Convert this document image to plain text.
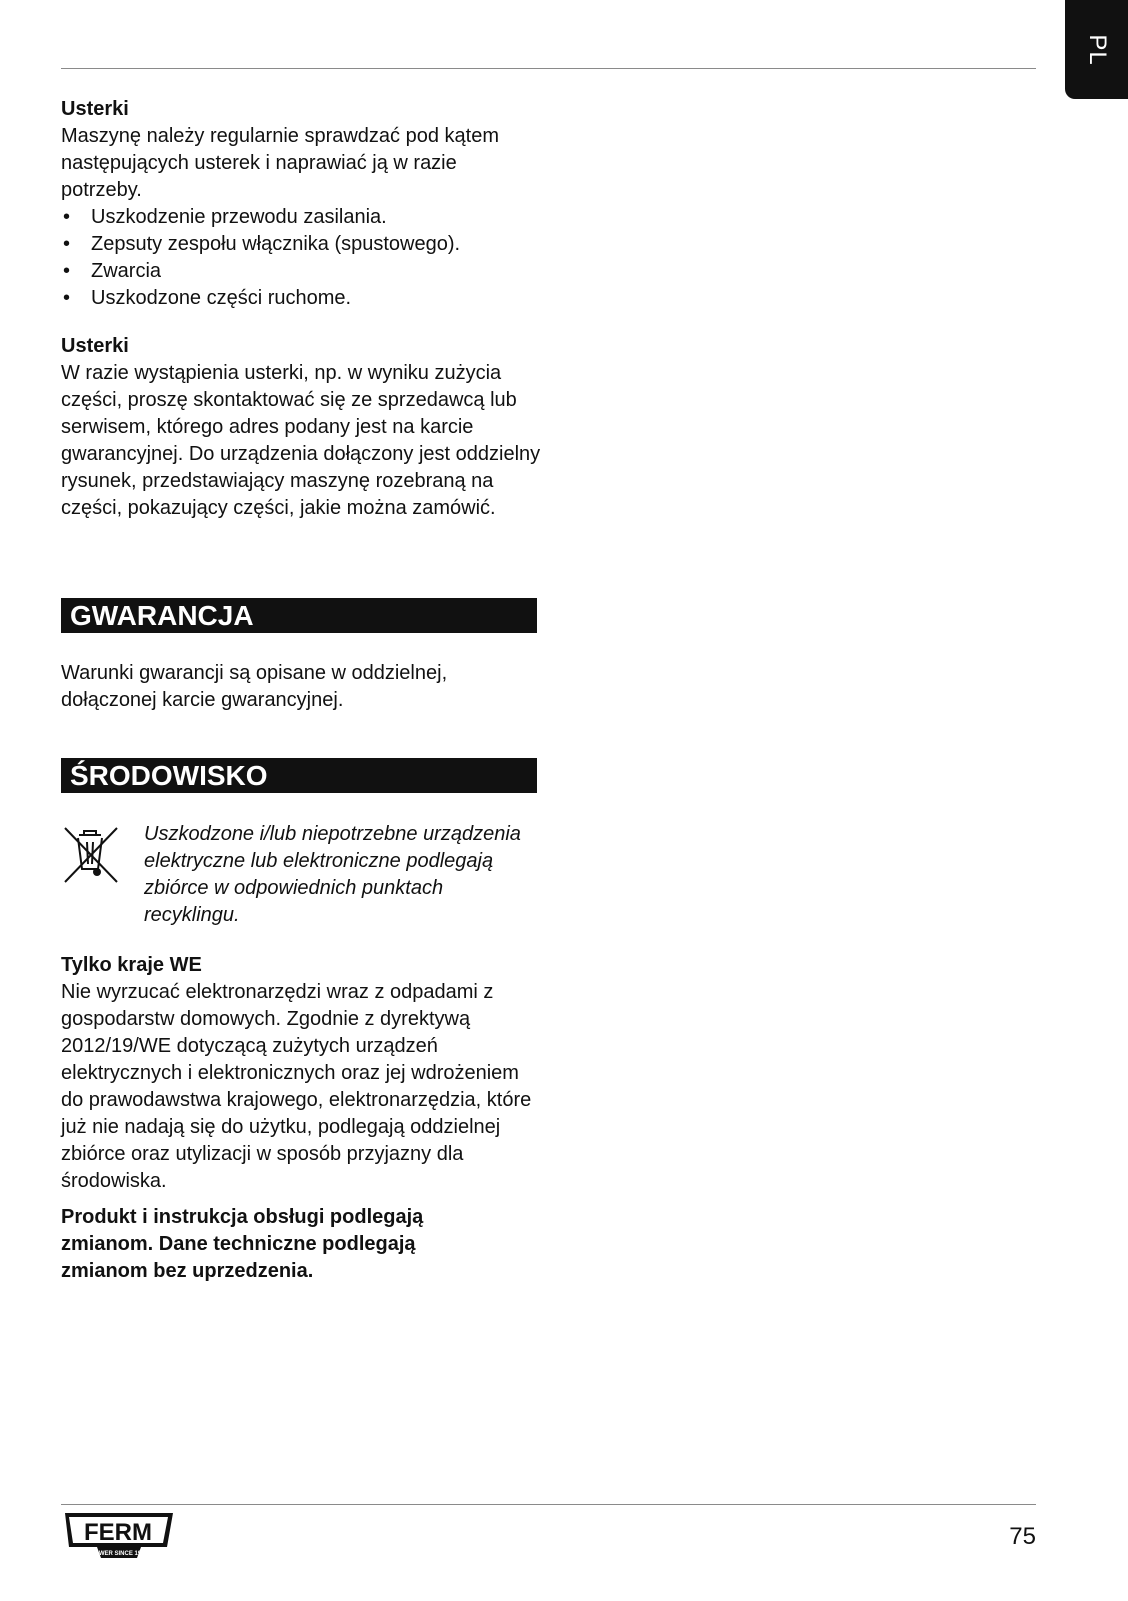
PL

Usterki

Maszynę należy regularnie sprawdzać pod kątem następujących usterek i naprawiać ją w razie potrzeby.

• Uszkodzenie przewodu zasilania.
• Zepsuty zespołu włącznika (spustowego).
• Zwarcia
• Uszkodzone części ruchome.

Usterki

W razie wystąpienia usterki, np. w wyniku zużycia części, proszę skontaktować się ze sprzedawcą lub serwisem, którego adres podany jest na karcie gwarancyjnej. Do urządzenia dołączony jest oddzielny rysunek, przedstawiający maszynę rozebraną na części, pokazujący części, jakie można zamówić.

GWARANCJA

Warunki gwarancji są opisane w oddzielnej, dołączonej karcie gwarancyjnej.

ŚRODOWISKO
Uszkodzone i/lub niepotrzebne urządzenia elektryczne lub elektroniczne podlegają zbiórce w odpowiednich punktach recyklingu.

Tylko kraje WE

Nie wyrzucać elektronarzędzi wraz z odpadami z gospodarstw domowych. Zgodnie z dyrektywą 2012/19/WE dotyczącą zużytych urządzeń elektrycznych i elektronicznych oraz jej wdrożeniem do prawodawstwa krajowego, elektronarzędzia, które już nie nadają się do użytku, podlegają oddzielnej zbiórce oraz utylizacji w sposób przyjazny dla środowiska.

Produkt i instrukcja obsługi podlegają zmianom. Dane techniczne podlegają zmianom bez uprzedzenia.

FERM
POWER SINCE 1965
75
